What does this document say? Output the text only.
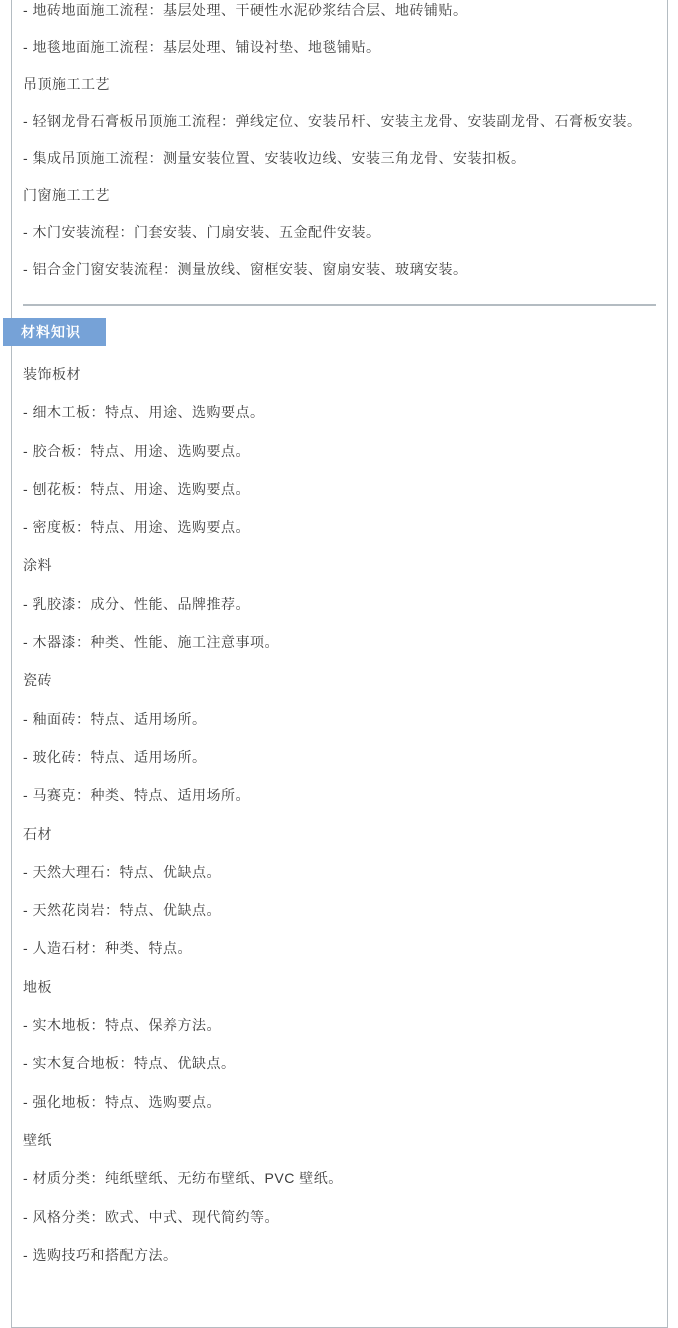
- 地砖地面施工流程：基层处理、干硬性水泥砂浆结合层、地砖铺贴。

- 地毯地面施工流程：基层处理、铺设衬垫、地毯铺贴。

吊顶施工工艺

- 轻钢龙骨石膏板吊顶施工流程：弹线定位、安装吊杆、安装主龙骨、安装副龙骨、石膏板安装。

- 集成吊顶施工流程：测量安装位置、安装收边线、安装三角龙骨、安装扣板。

门窗施工工艺

- 木门安装流程：门套安装、门扇安装、五金配件安装。

- 铝合金门窗安装流程：测量放线、窗框安装、窗扇安装、玻璃安装。

材料知识

装饰板材

- 细木工板：特点、用途、选购要点。

- 胶合板：特点、用途、选购要点。

- 刨花板：特点、用途、选购要点。

- 密度板：特点、用途、选购要点。

涂料

- 乳胶漆：成分、性能、品牌推荐。

- 木器漆：种类、性能、施工注意事项。

瓷砖

- 釉面砖：特点、适用场所。

- 玻化砖：特点、适用场所。

- 马赛克：种类、特点、适用场所。

石材

- 天然大理石：特点、优缺点。

- 天然花岗岩：特点、优缺点。

- 人造石材：种类、特点。

地板

- 实木地板：特点、保养方法。

- 实木复合地板：特点、优缺点。

- 强化地板：特点、选购要点。

壁纸

- 材质分类：纯纸壁纸、无纺布壁纸、PVC 壁纸。

- 风格分类：欧式、中式、现代简约等。

- 选购技巧和搭配方法。
